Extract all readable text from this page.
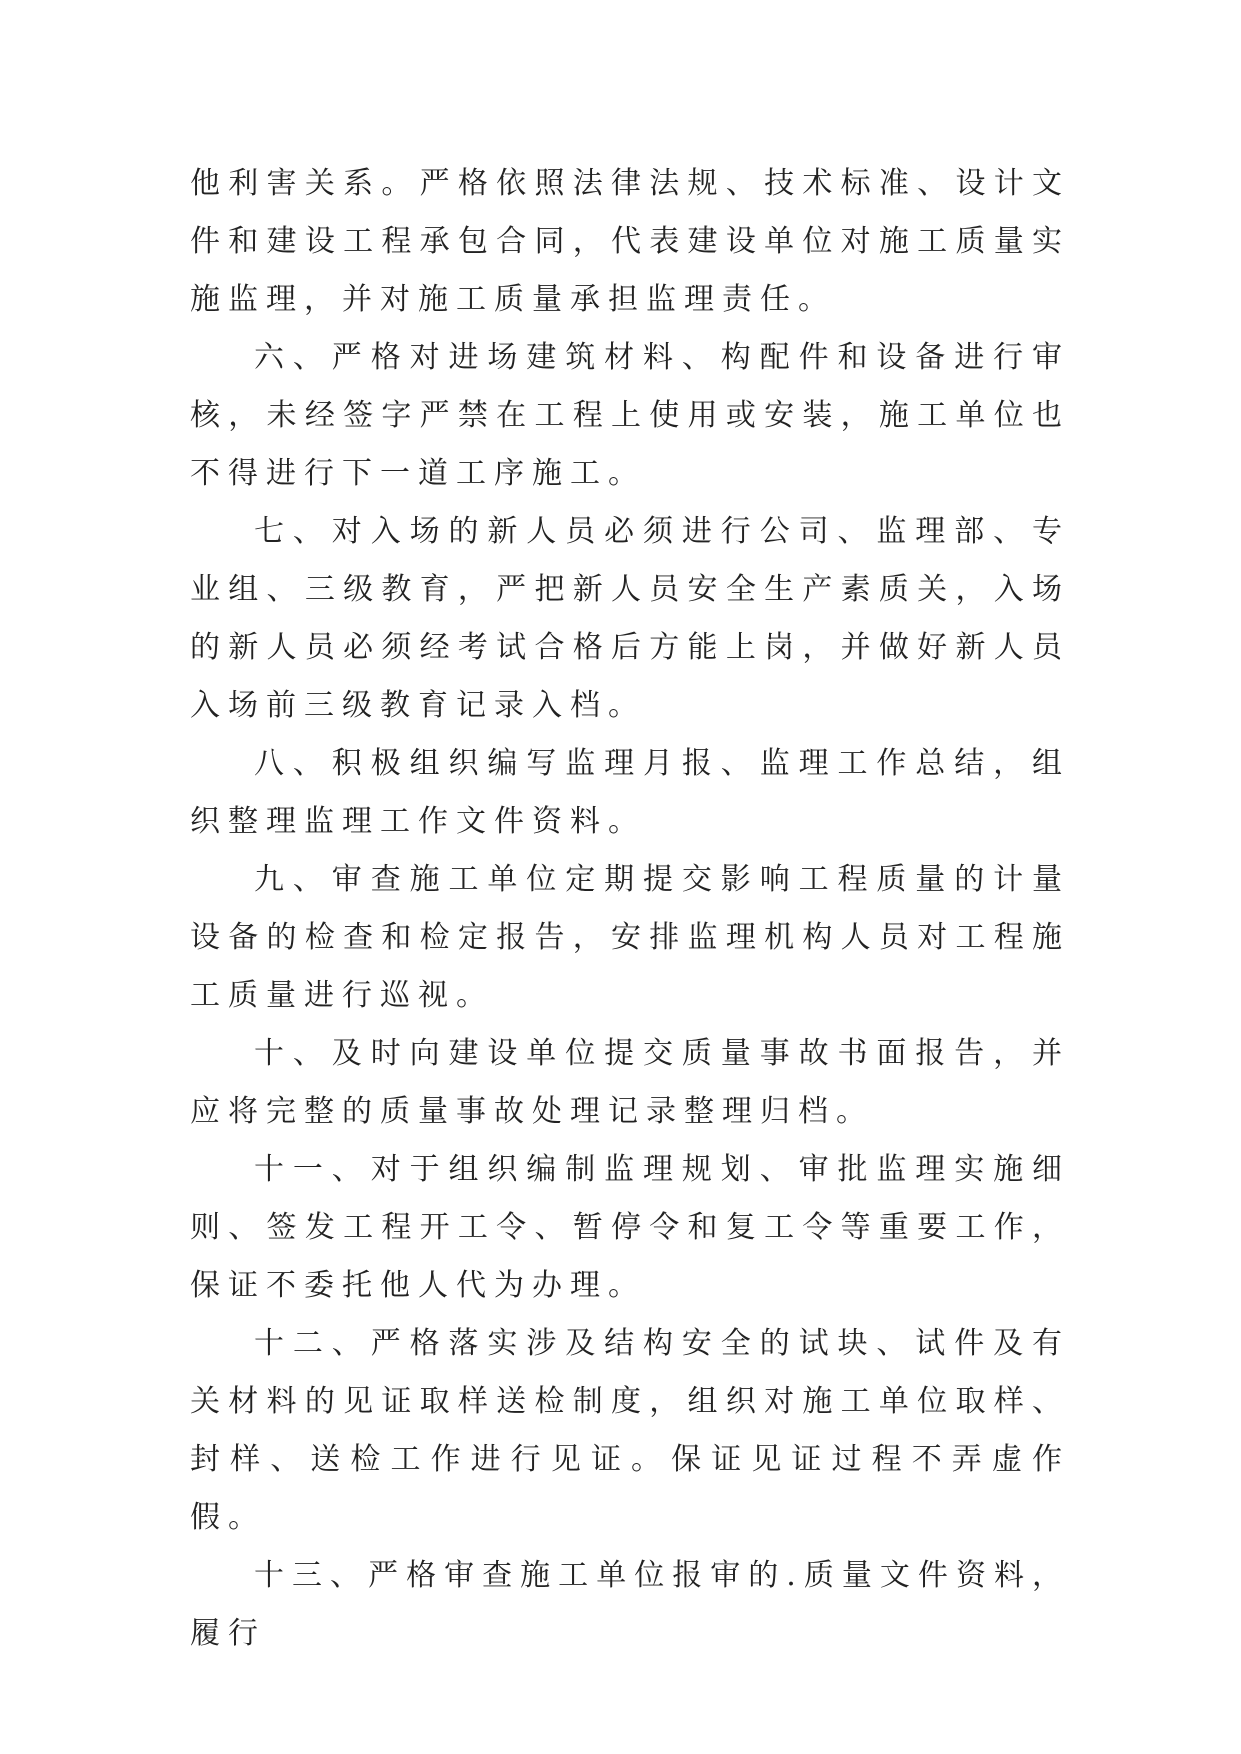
他利害关系。严格依照法律法规、技术标准、设计文件和建设工程承包合同，代表建设单位对施工质量实施监理，并对施工质量承担监理责任。

六、严格对进场建筑材料、构配件和设备进行审核，未经签字严禁在工程上使用或安装，施工单位也不得进行下一道工序施工。

七、对入场的新人员必须进行公司、监理部、专业组、三级教育，严把新人员安全生产素质关，入场的新人员必须经考试合格后方能上岗，并做好新人员入场前三级教育记录入档。

八、积极组织编写监理月报、监理工作总结，组织整理监理工作文件资料。

九、审查施工单位定期提交影响工程质量的计量设备的检查和检定报告，安排监理机构人员对工程施工质量进行巡视。

十、及时向建设单位提交质量事故书面报告，并应将完整的质量事故处理记录整理归档。

十一、对于组织编制监理规划、审批监理实施细则、签发工程开工令、暂停令和复工令等重要工作，保证不委托他人代为办理。

十二、严格落实涉及结构安全的试块、试件及有关材料的见证取样送检制度，组织对施工单位取样、封样、送检工作进行见证。保证见证过程不弄虚作假。

十三、严格审查施工单位报审的.质量文件资料，履行
